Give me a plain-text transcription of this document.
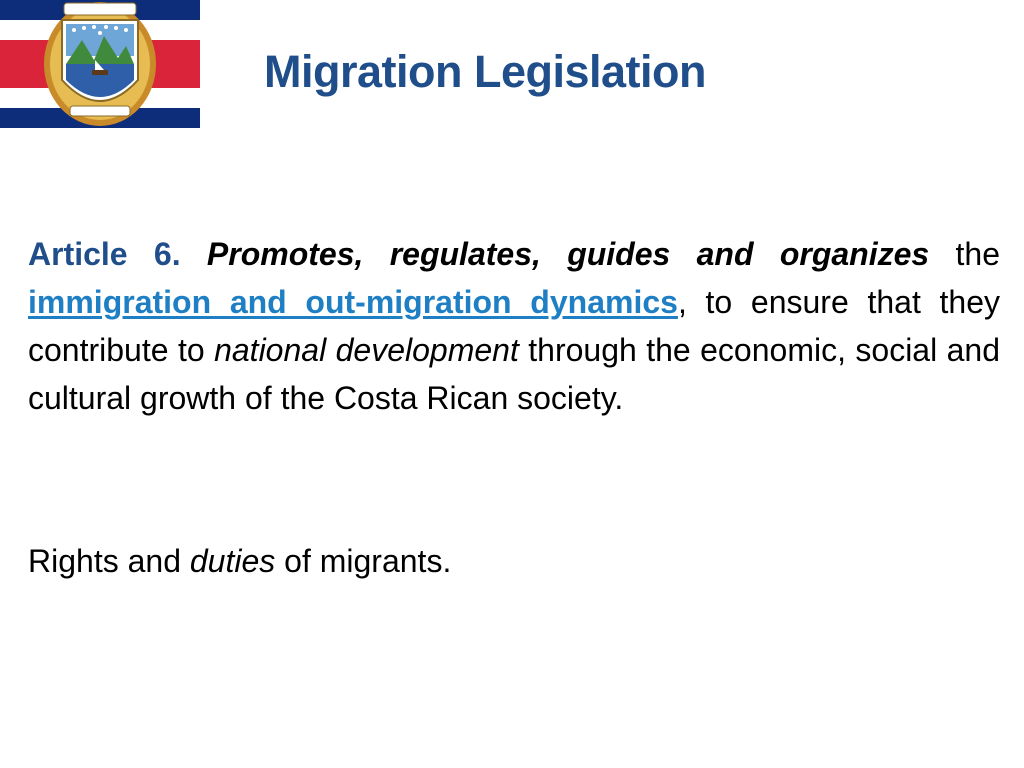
Migration Legislation

Article 6. Promotes, regulates, guides and organizes the immigration and out-migration dynamics, to ensure that they contribute to national development through the economic, social and cultural growth of the Costa Rican society.

Rights and duties of migrants.
